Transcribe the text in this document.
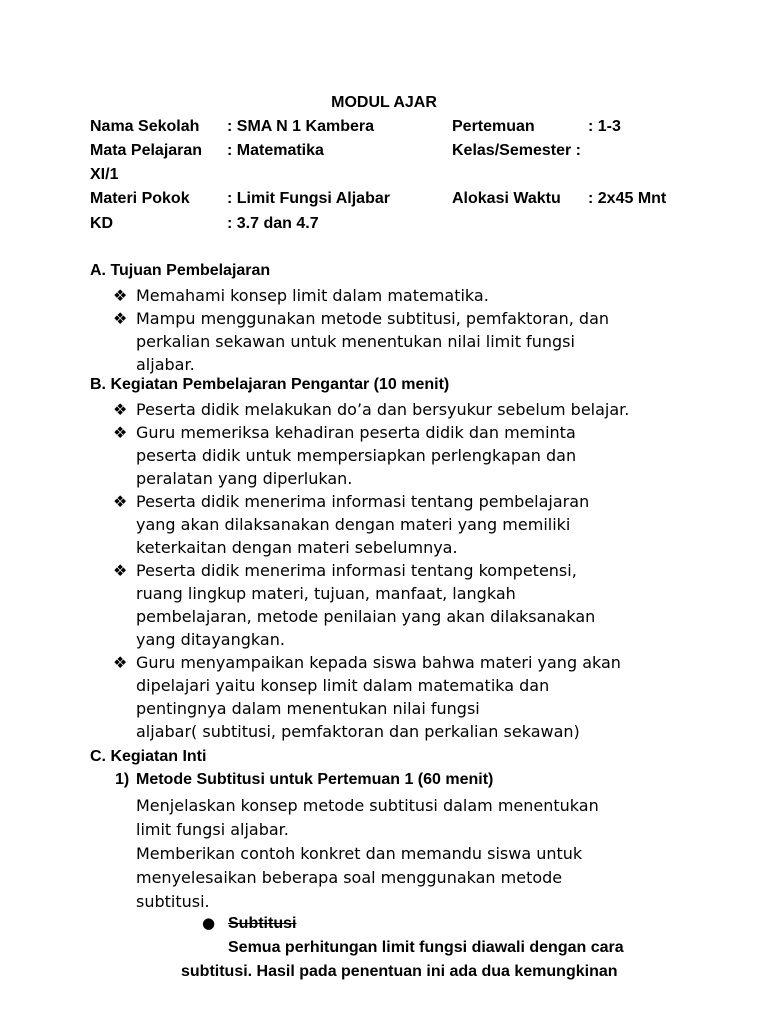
MODUL AJAR
Nama Sekolah : SMA N 1 Kambera	Pertemuan	: 1-3
Mata Pelajaran : Matematika	Kelas/Semester :
XI/1
Materi Pokok : Limit Fungsi Aljabar	Alokasi Waktu : 2x45 Mnt
KD	: 3.7 dan 4.7
A. Tujuan Pembelajaran
❖ Memahami konsep limit dalam matematika.
❖ Mampu menggunakan metode subtitusi, pemfaktoran, dan
perkalian sekawan untuk menentukan nilai limit fungsi
aljabar.
B. Kegiatan Pembelajaran Pengantar (10 menit)
❖ Peserta didik melakukan do’a dan bersyukur sebelum belajar.
❖ Guru memeriksa kehadiran peserta didik dan meminta
peserta didik untuk mempersiapkan perlengkapan dan
peralatan yang diperlukan.
❖ Peserta didik menerima informasi tentang pembelajaran
yang akan dilaksanakan dengan materi yang memiliki
keterkaitan dengan materi sebelumnya.
❖ Peserta didik menerima informasi tentang kompetensi,
ruang lingkup materi, tujuan, manfaat, langkah
pembelajaran, metode penilaian yang akan dilaksanakan
yang ditayangkan.
❖ Guru menyampaikan kepada siswa bahwa materi yang akan
dipelajari yaitu konsep limit dalam matematika dan
pentingnya dalam menentukan nilai fungsi
aljabar( subtitusi, pemfaktoran dan perkalian sekawan)
C. Kegiatan Inti
1) Metode Subtitusi untuk Pertemuan 1 (60 menit)
Menjelaskan konsep metode subtitusi dalam menentukan
limit fungsi aljabar.
Memberikan contoh konkret dan memandu siswa untuk
menyelesaikan beberapa soal menggunakan metode
subtitusi.
● Subtitusi
Semua perhitungan limit fungsi diawali dengan cara
subtitusi. Hasil pada penentuan ini ada dua kemungkinan
